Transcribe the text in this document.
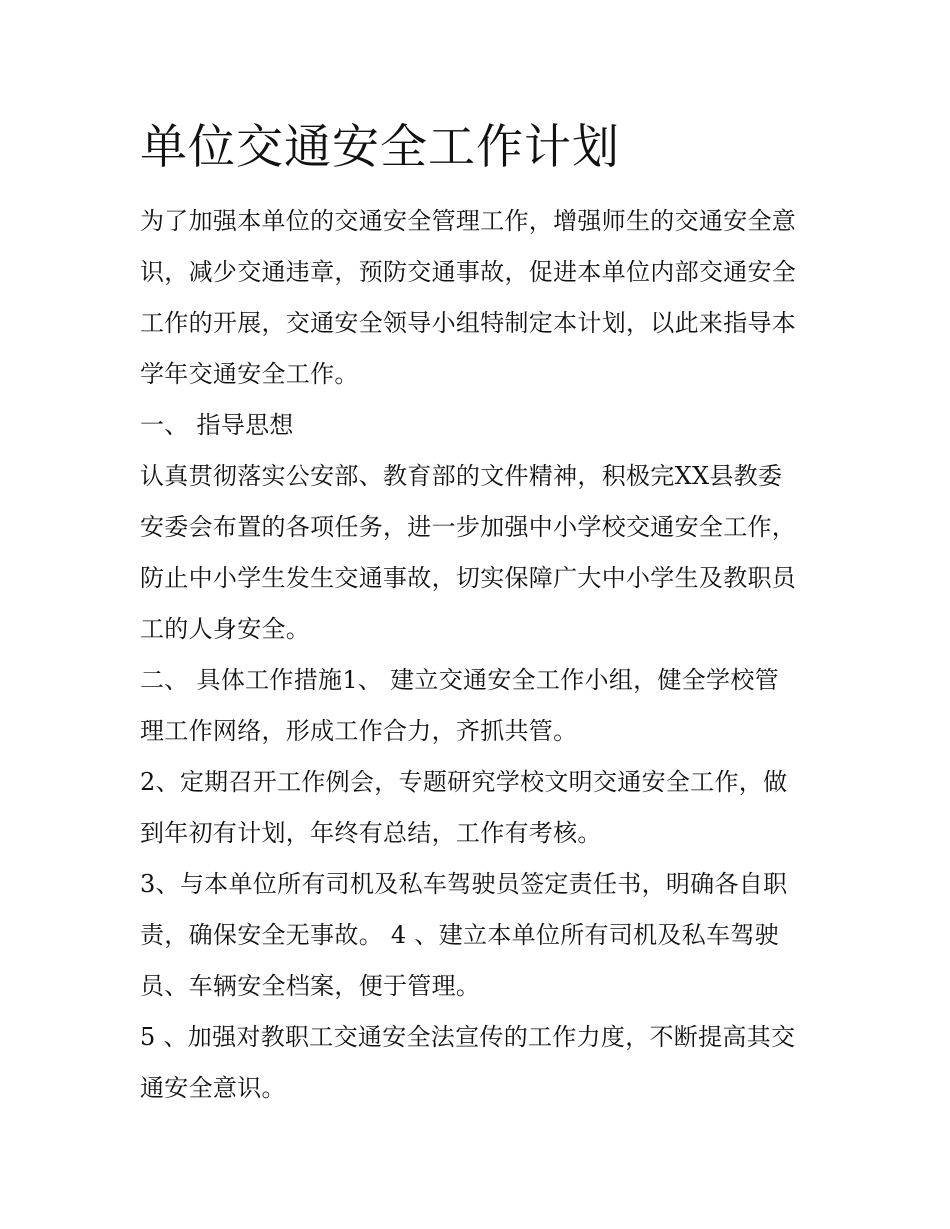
单位交通安全工作计划
为了加强本单位的交通安全管理工作，增强师生的交通安全意
识，减少交通违章，预防交通事故，促进本单位内部交通安全
工作的开展，交通安全领导小组特制定本计划，以此来指导本
学年交通安全工作。
一、 指导思想
认真贯彻落实公安部、教育部的文件精神，积极完XX县教委
安委会布置的各项任务，进一步加强中小学校交通安全工作，
防止中小学生发生交通事故，切实保障广大中小学生及教职员
工的人身安全。
二、 具体工作措施1、 建立交通安全工作小组，健全学校管
理工作网络，形成工作合力，齐抓共管。
2、定期召开工作例会，专题研究学校文明交通安全工作，做
到年初有计划，年终有总结，工作有考核。
3、与本单位所有司机及私车驾驶员签定责任书，明确各自职
责，确保安全无事故。 4 、建立本单位所有司机及私车驾驶
员、车辆安全档案，便于管理。
5 、加强对教职工交通安全法宣传的工作力度，不断提高其交
通安全意识。
